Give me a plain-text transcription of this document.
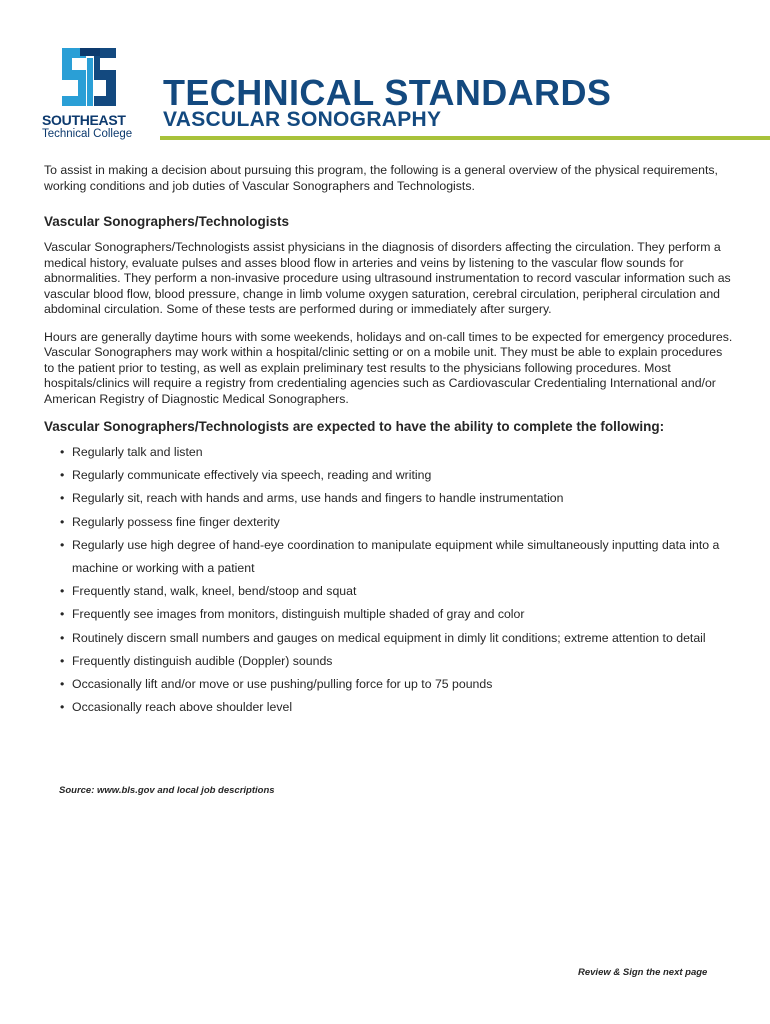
SOUTHEAST
Technical College
TECHNICAL STANDARDS
VASCULAR SONOGRAPHY

To assist in making a decision about pursuing this program, the following is a general overview of the physical requirements, working conditions and job duties of Vascular Sonographers and Technologists.

Vascular Sonographers/Technologists

Vascular Sonographers/Technologists assist physicians in the diagnosis of disorders affecting the circulation. They perform a medical history, evaluate pulses and asses blood flow in arteries and veins by listening to the vascular flow sounds for abnormalities. They perform a non-invasive procedure using ultrasound instrumentation to record vascular information such as vascular blood flow, blood pressure, change in limb volume oxygen saturation, cerebral circulation, peripheral circulation and abdominal circulation. Some of these tests are performed during or immediately after surgery.

Hours are generally daytime hours with some weekends, holidays and on-call times to be expected for emergency procedures. Vascular Sonographers may work within a hospital/clinic setting or on a mobile unit. They must be able to explain procedures to the patient prior to testing, as well as explain preliminary test results to the physicians following procedures. Most hospitals/clinics will require a registry from credentialing agencies such as Cardiovascular Credentialing International and/or American Registry of Diagnostic Medical Sonographers.

Vascular Sonographers/Technologists are expected to have the ability to complete the following:
• Regularly talk and listen
• Regularly communicate effectively via speech, reading and writing
• Regularly sit, reach with hands and arms, use hands and fingers to handle instrumentation
• Regularly possess fine finger dexterity
• Regularly use high degree of hand-eye coordination to manipulate equipment while simultaneously inputting data into a machine or working with a patient
• Frequently stand, walk, kneel, bend/stoop and squat
• Frequently see images from monitors, distinguish multiple shaded of gray and color
• Routinely discern small numbers and gauges on medical equipment in dimly lit conditions; extreme attention to detail
• Frequently distinguish audible (Doppler) sounds
• Occasionally lift and/or move or use pushing/pulling force for up to 75 pounds
• Occasionally reach above shoulder level
Source: www.bls.gov and local job descriptions
Review & Sign the next page
